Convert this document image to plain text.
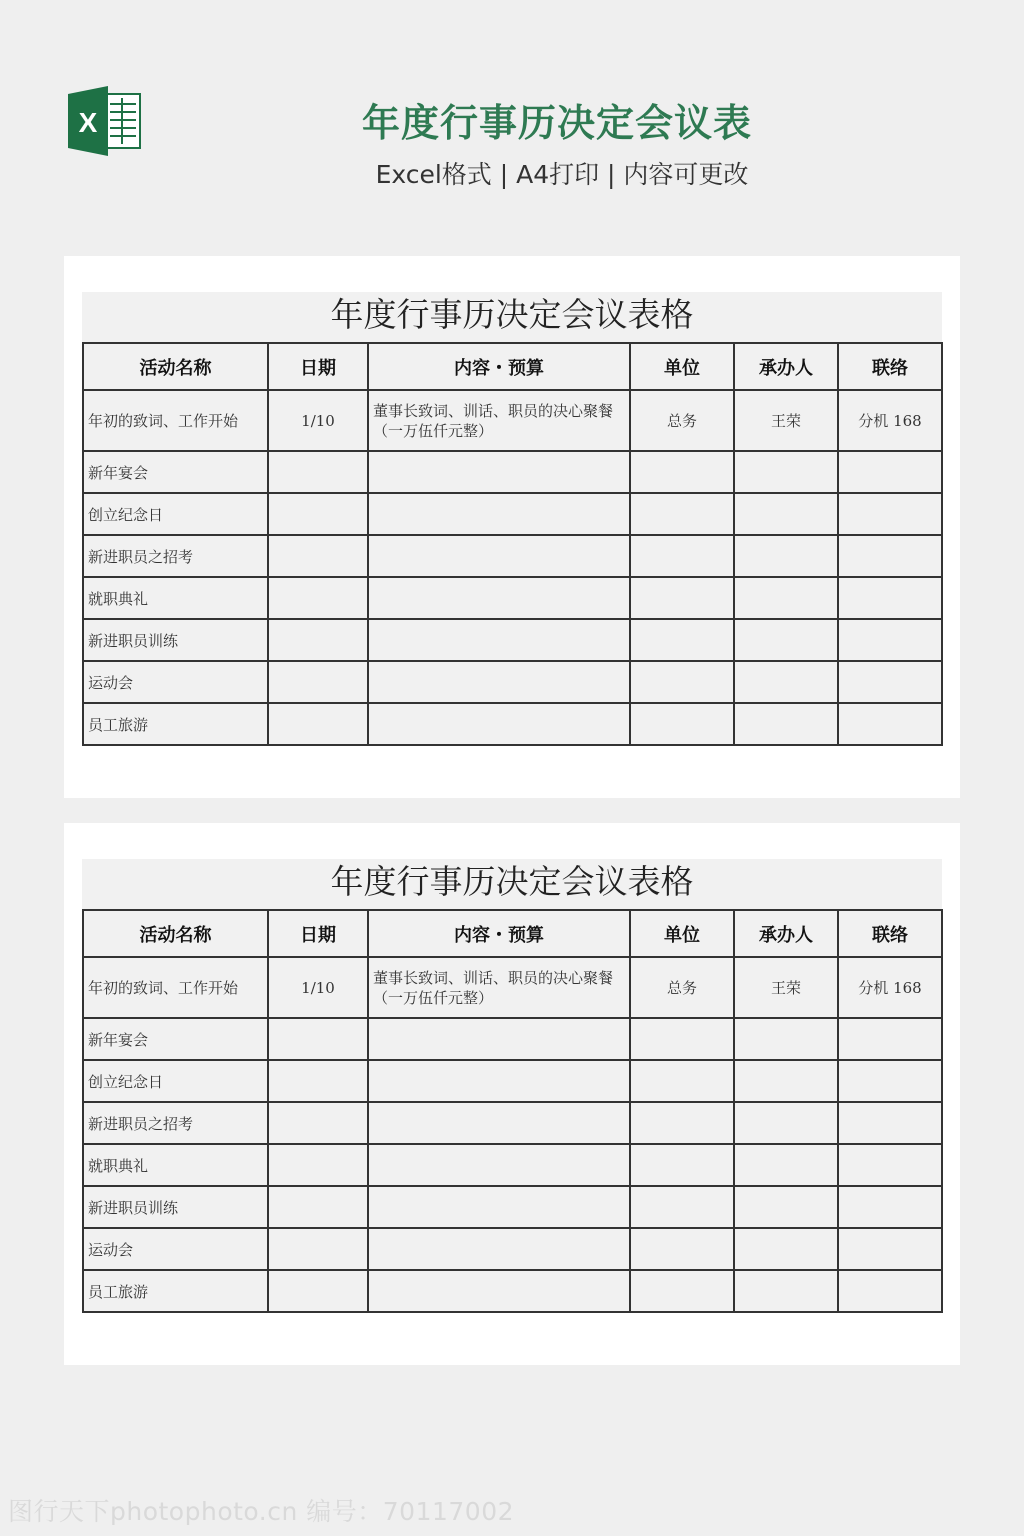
X	年度行事历决定会议表
Excel格式 | A4打印 | 内容可更改
年度行事历决定会议表格
活动名称	日期	内容・预算	单位	承办人	联络
年初的致词、工作开始	1/10	董事长致词、训话、职员的决心聚餐（一万伍仟元整）	总务	王荣	分机 168
新年宴会					
创立纪念日					
新进职员之招考					
就职典礼					
新进职员训练					
运动会					
员工旅游					
年度行事历决定会议表格
活动名称	日期	内容・预算	单位	承办人	联络
年初的致词、工作开始	1/10	董事长致词、训话、职员的决心聚餐（一万伍仟元整）	总务	王荣	分机 168
新年宴会					
创立纪念日					
新进职员之招考					
就职典礼					
新进职员训练					
运动会					
员工旅游					
图行天下photophoto.cn 编号：70117002
